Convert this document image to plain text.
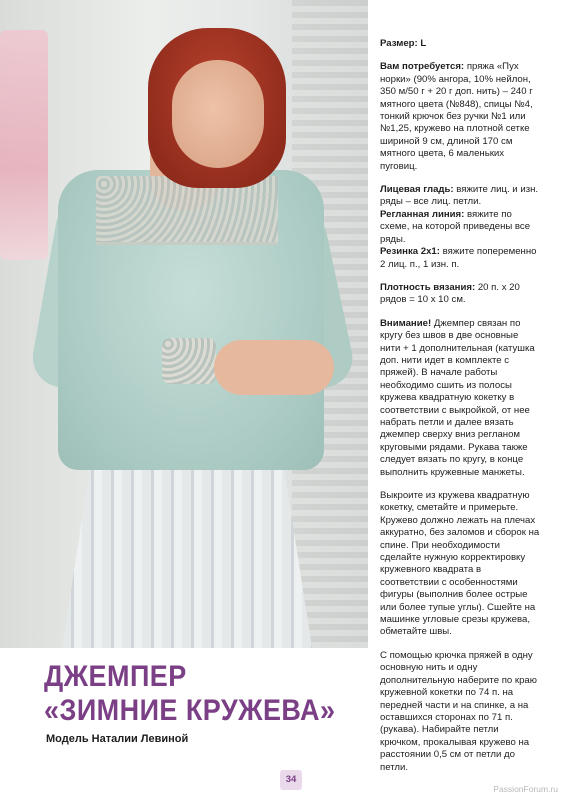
ДЖЕМПЕР
«ЗИМНИЕ КРУЖЕВА»
Модель Наталии Левиной

Размер: L

Вам потребуется: пряжа «Пух норки» (90% ангора, 10% нейлон, 350 м/50 г + 20 г доп. нить) – 240 г мятного цвета (№848), спицы №4, тонкий крючок без ручки №1 или №1,25, кружево на плотной сетке шириной 9 см, длиной 170 см мятного цвета, 6 маленьких пуговиц.

Лицевая гладь: вяжите лиц. и изн. ряды – все лиц. петли.

Регланная линия: вяжите по схеме, на которой приведены все ряды.

Резинка 2х1: вяжите попеременно 2 лиц. п., 1 изн. п.

Плотность вязания: 20 п. х 20 рядов = 10 х 10 см.

Внимание! Джемпер связан по кругу без швов в две основные нити + 1 дополнительная (катушка доп. нити идет в комплекте с пряжей). В начале работы необходимо сшить из полосы кружева квадратную кокетку в соответствии с выкройкой, от нее набрать петли и далее вязать джемпер сверху вниз регланом круговыми рядами. Рукава также следует вязать по кругу, в конце выполнить кружевные манжеты.

Выкроите из кружева квадратную кокетку, сметайте и примерьте. Кружево должно лежать на плечах аккуратно, без заломов и сборок на спине. При необходимости сделайте нужную корректировку кружевного квадрата в соответствии с особенностями фигуры (выполнив более острые или более тупые углы). Сшейте на машинке угловые срезы кружева, обметайте швы.

С помощью крючка пряжей в одну основную нить и одну дополнительную наберите по краю кружевной кокетки по 74 п. на передней части и на спинке, а на оставшихся сторонах по 71 п. (рукава). Набирайте петли крючком, прокалывая кружево на расстоянии 0,5 см от петли до петли.

34
PassionForum.ru
